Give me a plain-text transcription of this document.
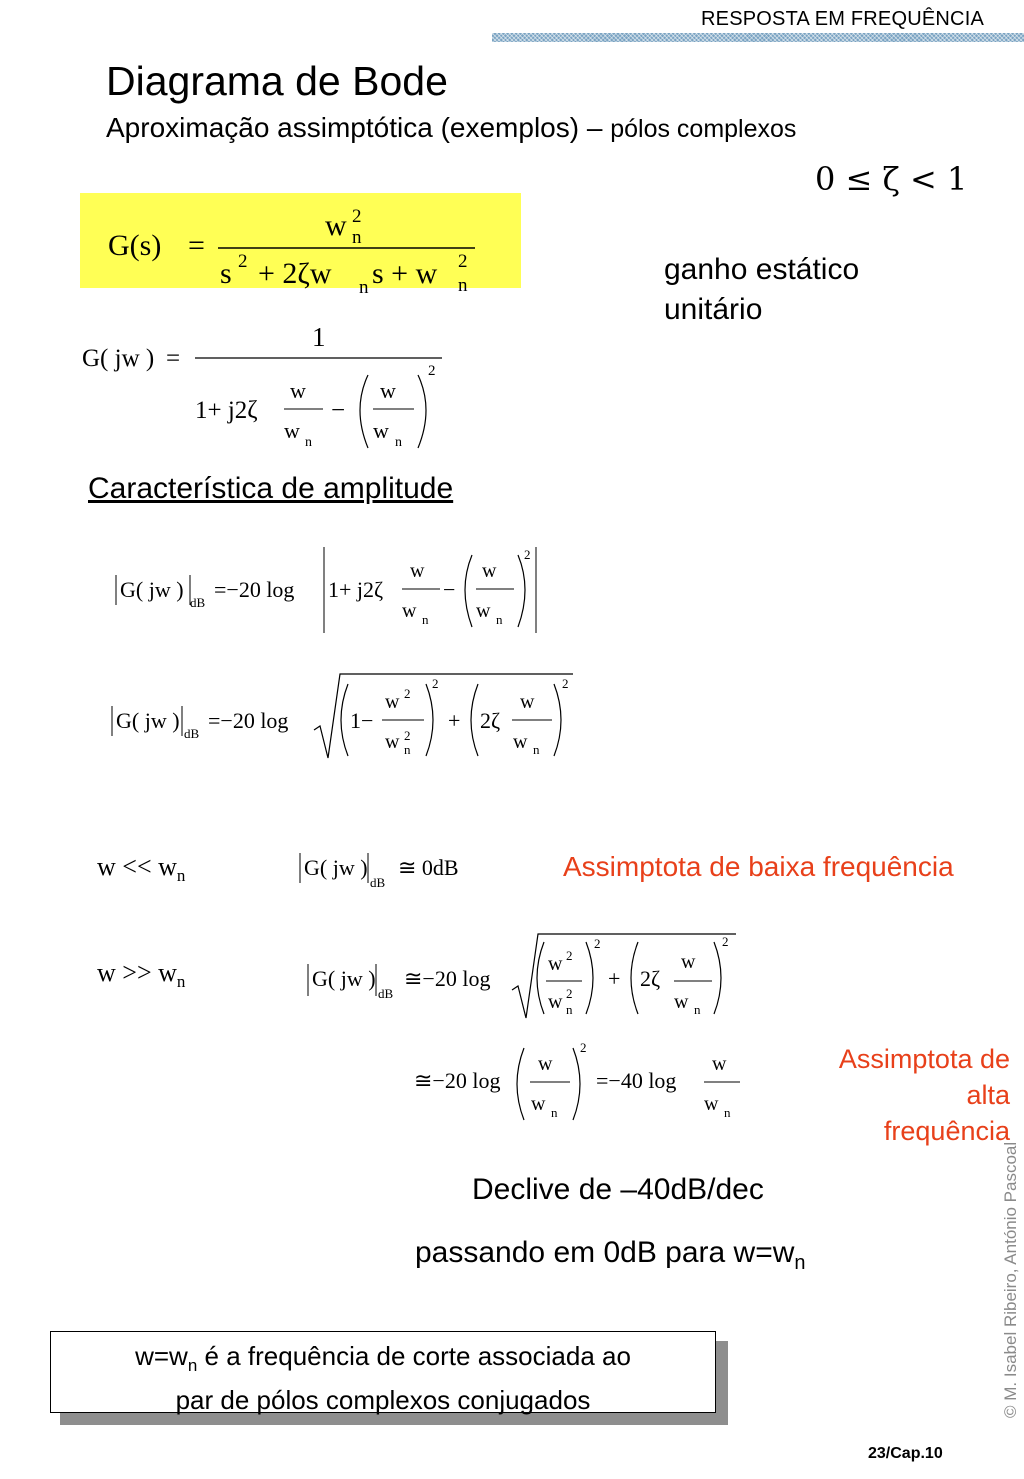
RESPOSTA EM FREQUÊNCIA
Diagrama de Bode
Aproximação assimptótica (exemplos) – pólos complexos
0 ≤ ζ < 1
G(s) =
w 2
n
s 2 + 2ζw n s + w 2
n	ganho estático
unitário
G( jw ) =
1
1+ j2ζ
w
w n
−
w
w n
2
Característica de amplitude
G( jw )
dB
=−20 log 1+ j2ζ
w
w n
−
w
w n
2
G( jw )
dB
=−20 log	1−
w 2
w 2
n
2
+ 2ζ
w
w n
2
$w << w_n$	G( jw )
dB
≅ 0dB	Assimptota de baixa frequência
$w >> w_n$	G( jw )
dB
≅−20 log
w 2
w 2
n
2
+ 2ζ
w
w n
2
≅−20 log
w
w n
2
=−40 log
w
w n
Assimptota de
alta
frequência
Declive de –40dB/dec
passando em 0dB para $w=w_n$
$w=w_n$ é a frequência de corte associada ao
par de pólos complexos conjugados	© M. Isabel Ribeiro, António Pascoal
23/Cap.10
